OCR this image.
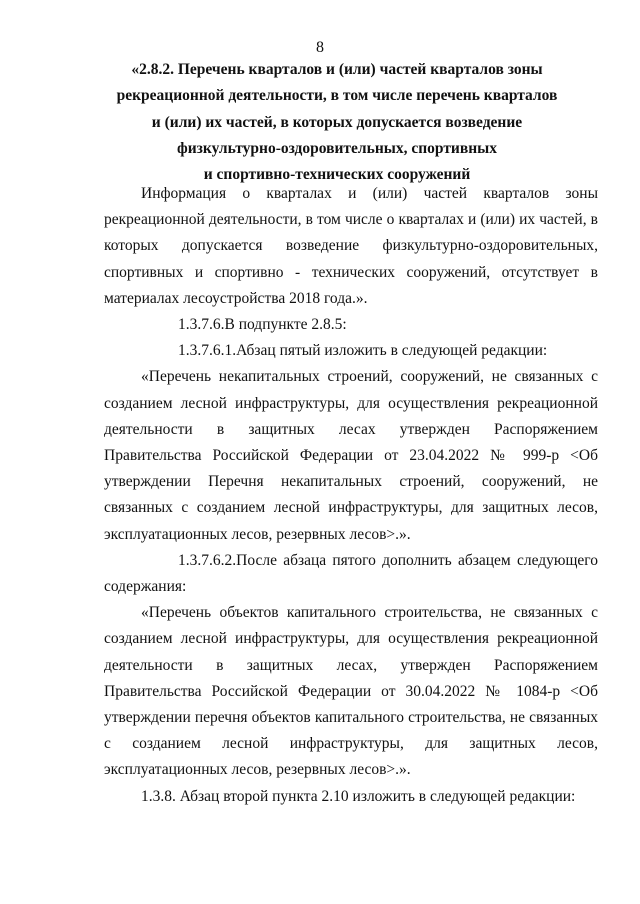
8
«2.8.2. Перечень кварталов и (или) частей кварталов зоны
рекреационной деятельности, в том числе перечень кварталов
и (или) их частей, в которых допускается возведение
физкультурно-оздоровительных, спортивных
и спортивно-технических сооружений

Информация о кварталах и (или) частей кварталов зоны рекреационной деятельности, в том числе о кварталах и (или) их частей, в которых допускается возведение физкультурно-оздоровительных, спортивных и спортивно - технических сооружений, отсутствует в материалах лесоустройства 2018 года.».

1.3.7.6.В подпункте 2.8.5:

1.3.7.6.1.Абзац пятый изложить в следующей редакции:

«Перечень некапитальных строений, сооружений, не связанных с созданием лесной инфраструктуры, для осуществления рекреационной деятельности в защитных лесах утвержден Распоряжением Правительства Российской Федерации от 23.04.2022 № 999-р <Об утверждении Перечня некапитальных строений, сооружений, не связанных с созданием лесной инфраструктуры, для защитных лесов, эксплуатационных лесов, резервных лесов>.».

1.3.7.6.2.После абзаца пятого дополнить абзацем следующего содержания:

«Перечень объектов капитального строительства, не связанных с созданием лесной инфраструктуры, для осуществления рекреационной деятельности в защитных лесах, утвержден Распоряжением Правительства Российской Федерации от 30.04.2022 № 1084-р <Об утверждении перечня объектов капитального строительства, не связанных с созданием лесной инфраструктуры, для защитных лесов, эксплуатационных лесов, резервных лесов>.».

1.3.8. Абзац второй пункта 2.10 изложить в следующей редакции:
